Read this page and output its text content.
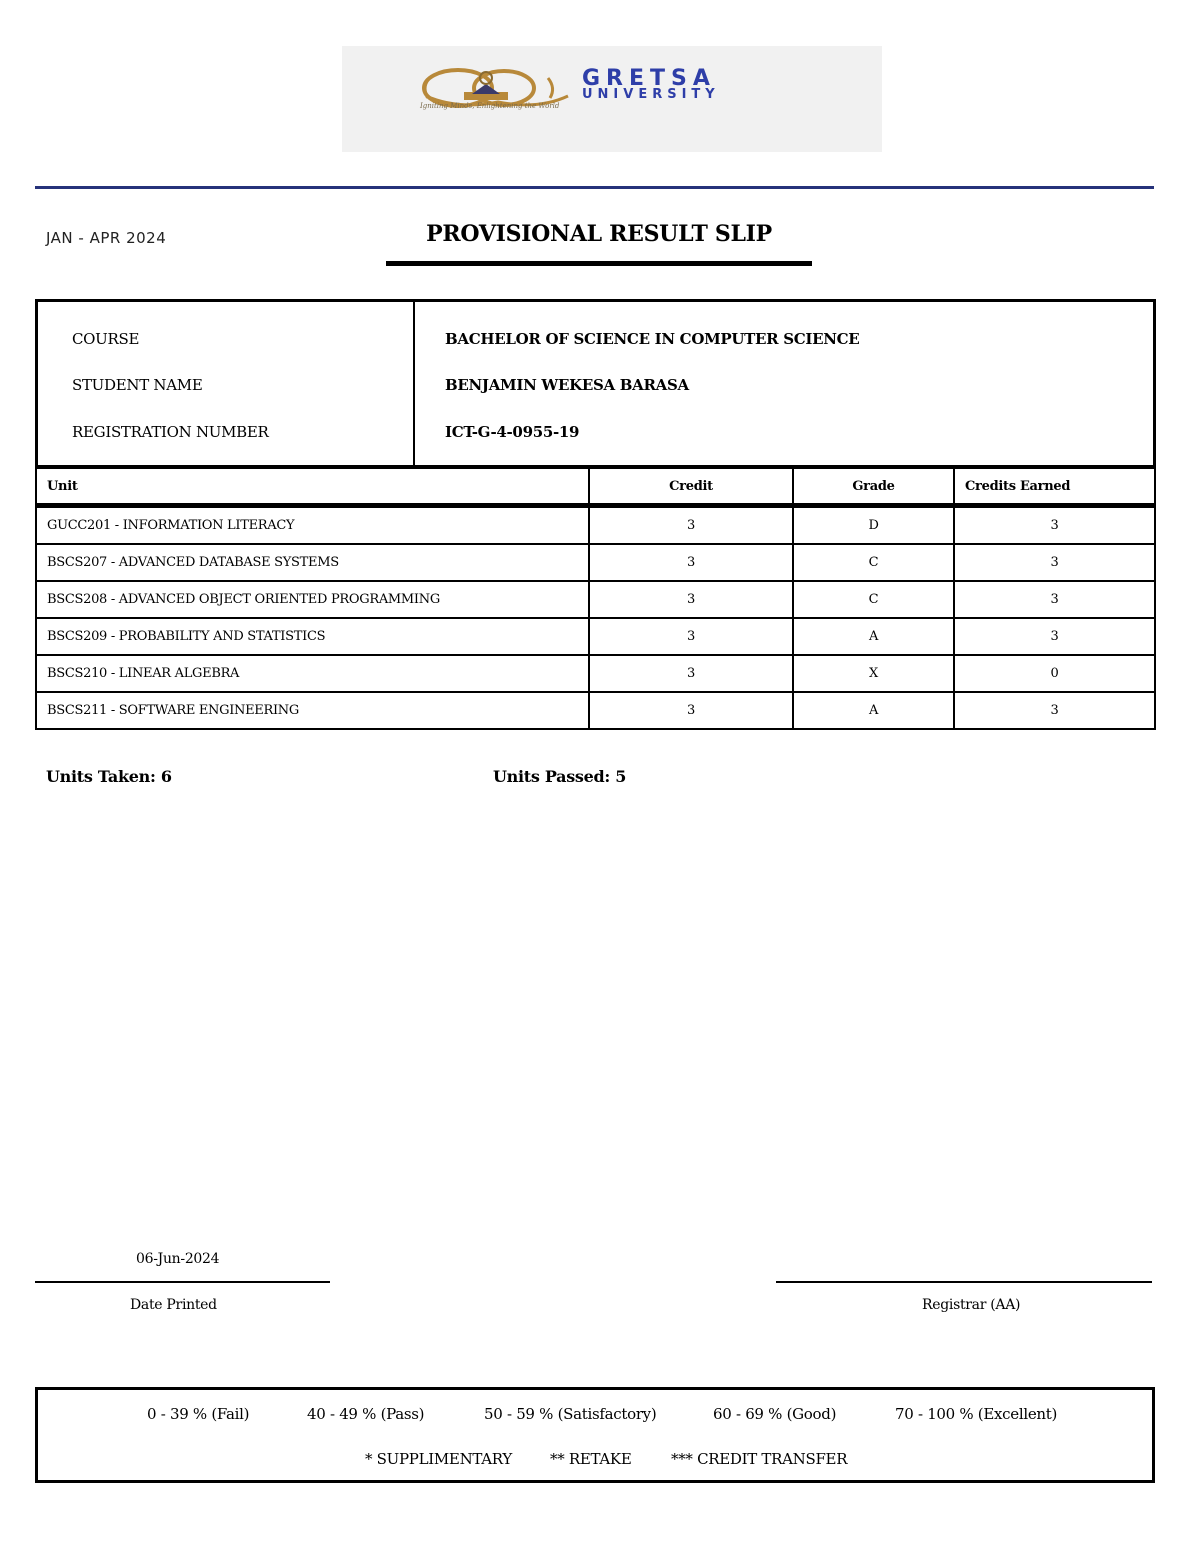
Igniting Minds, Enlightening the World
GRETSA
UNIVERSITY
JAN - APR 2024	PROVISIONAL RESULT SLIP
COURSE	BACHELOR OF SCIENCE IN COMPUTER SCIENCE
STUDENT NAME	BENJAMIN WEKESA BARASA
REGISTRATION NUMBER	ICT-G-4-0955-19
Unit	Credit	Grade	Credits Earned
GUCC201 - INFORMATION LITERACY	3	D	3
BSCS207 - ADVANCED DATABASE SYSTEMS	3	C	3
BSCS208 - ADVANCED OBJECT ORIENTED PROGRAMMING	3	C	3
BSCS209 - PROBABILITY AND STATISTICS	3	A	3
BSCS210 - LINEAR ALGEBRA	3	X	0
BSCS211 - SOFTWARE ENGINEERING	3	A	3
Units Taken: 6	Units Passed: 5
06-Jun-2024
Date Printed	Registrar (AA)
0 - 39 % (Fail)	40 - 49 % (Pass)	50 - 59 % (Satisfactory)	60 - 69 % (Good)	70 - 100 % (Excellent)
* SUPPLIMENTARY	** RETAKE	*** CREDIT TRANSFER
